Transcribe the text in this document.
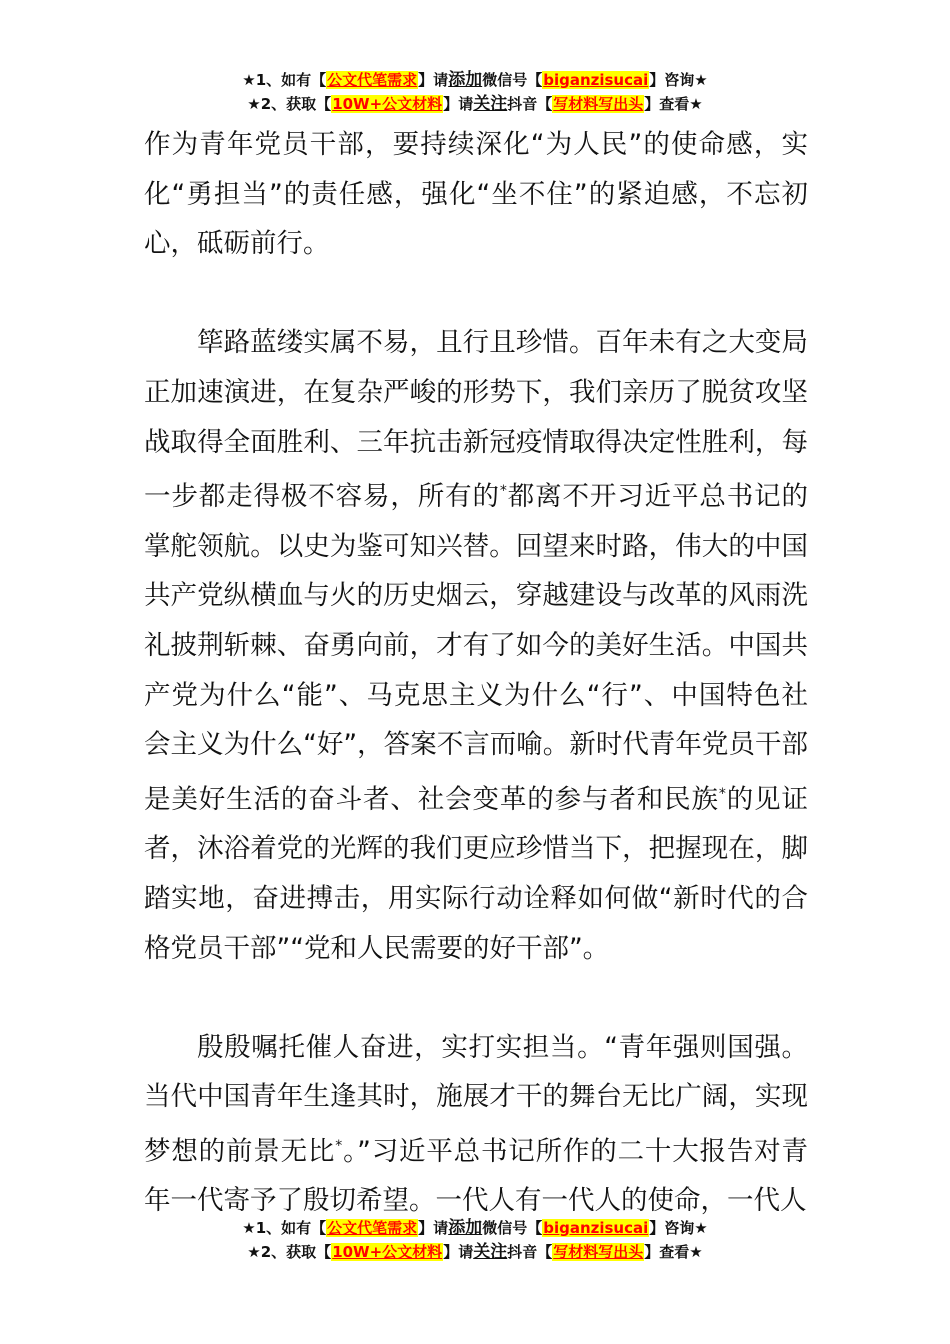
★1、如有【公文代笔需求】请添加微信号【biganzisucai】咨询★
★2、获取【10W+公文材料】请关注抖音【写材料写出头】查看★

作为青年党员干部，要持续深化“为人民”的使命感，实化“勇担当”的责任感，强化“坐不住”的紧迫感，不忘初心，砥砺前行。

筚路蓝缕实属不易，且行且珍惜。百年未有之大变局正加速演进，在复杂严峻的形势下，我们亲历了脱贫攻坚战取得全面胜利、三年抗击新冠疫情取得决定性胜利，每一步都走得极不容易，所有的*都离不开习近平总书记的掌舵领航。以史为鉴可知兴替。回望来时路，伟大的中国共产党纵横血与火的历史烟云，穿越建设与改革的风雨洗礼披荆斩棘、奋勇向前，才有了如今的美好生活。中国共产党为什么“能”、马克思主义为什么“行”、中国特色社会主义为什么“好”，答案不言而喻。新时代青年党员干部是美好生活的奋斗者、社会变革的参与者和民族*的见证者，沐浴着党的光辉的我们更应珍惜当下，把握现在，脚踏实地，奋进搏击，用实际行动诠释如何做“新时代的合格党员干部”“党和人民需要的好干部”。

殷殷嘱托催人奋进，实打实担当。“青年强则国强。当代中国青年生逢其时，施展才干的舞台无比广阔，实现梦想的前景无比*。”习近平总书记所作的二十大报告对青年一代寄予了殷切希望。一代人有一代人的使命，一代人

★1、如有【公文代笔需求】请添加微信号【biganzisucai】咨询★
★2、获取【10W+公文材料】请关注抖音【写材料写出头】查看★
